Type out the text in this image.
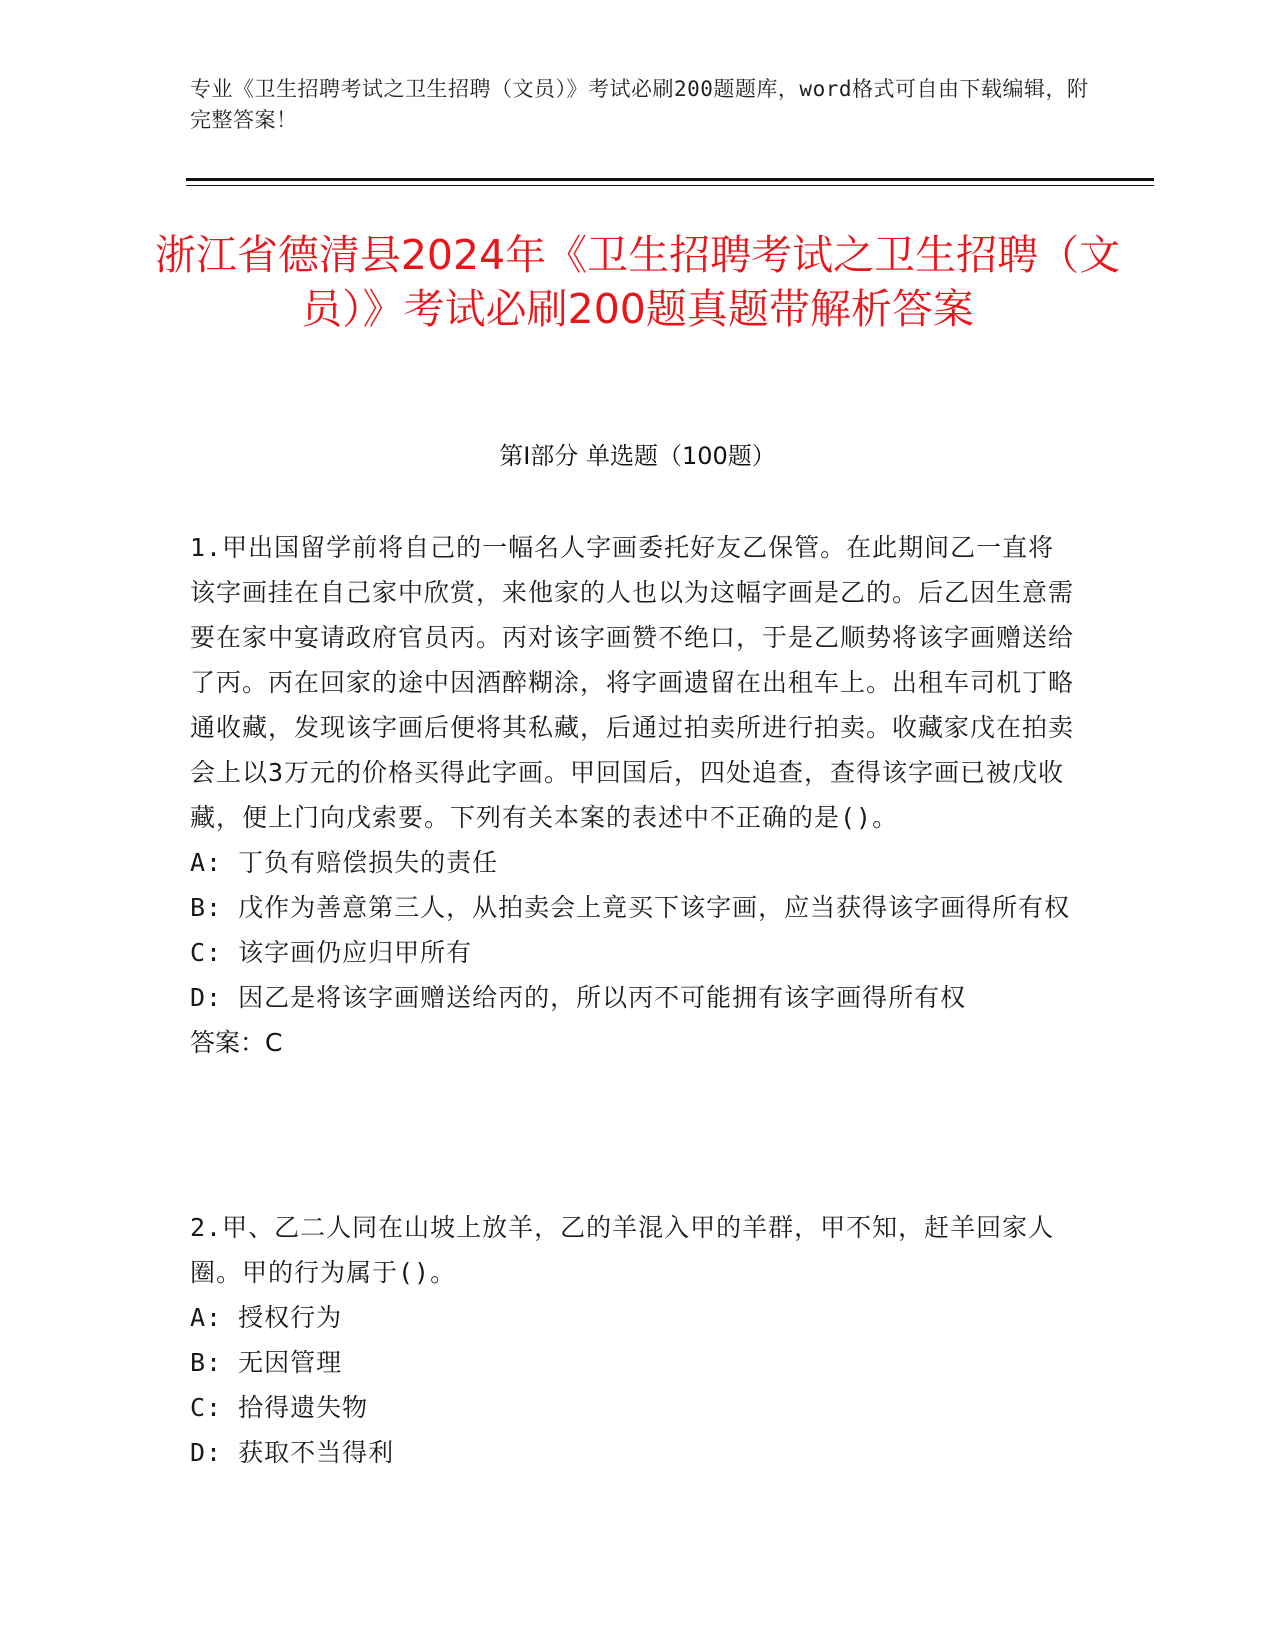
专业《卫生招聘考试之卫生招聘（文员）》考试必刷200题题库，word格式可自由下载编辑，附完整答案！
浙江省德清县2024年《卫生招聘考试之卫生招聘（文员）》考试必刷200题真题带解析答案
第Ⅰ部分 单选题（100题）

1.甲出国留学前将自己的一幅名人字画委托好友乙保管。在此期间乙一直将该字画挂在自己家中欣赏，来他家的人也以为这幅字画是乙的。后乙因生意需要在家中宴请政府官员丙。丙对该字画赞不绝口，于是乙顺势将该字画赠送给了丙。丙在回家的途中因酒醉糊涂，将字画遗留在出租车上。出租车司机丁略通收藏，发现该字画后便将其私藏，后通过拍卖所进行拍卖。收藏家戊在拍卖会上以3万元的价格买得此字画。甲回国后，四处追查，查得该字画已被戊收藏，便上门向戊索要。下列有关本案的表述中不正确的是()。

A: 丁负有赔偿损失的责任

B: 戊作为善意第三人，从拍卖会上竟买下该字画，应当获得该字画得所有权

C: 该字画仍应归甲所有

D: 因乙是将该字画赠送给丙的，所以丙不可能拥有该字画得所有权

答案：C

2.甲、乙二人同在山坡上放羊，乙的羊混入甲的羊群，甲不知，赶羊回家人圈。甲的行为属于()。

A: 授权行为

B: 无因管理

C: 拾得遗失物

D: 获取不当得利
